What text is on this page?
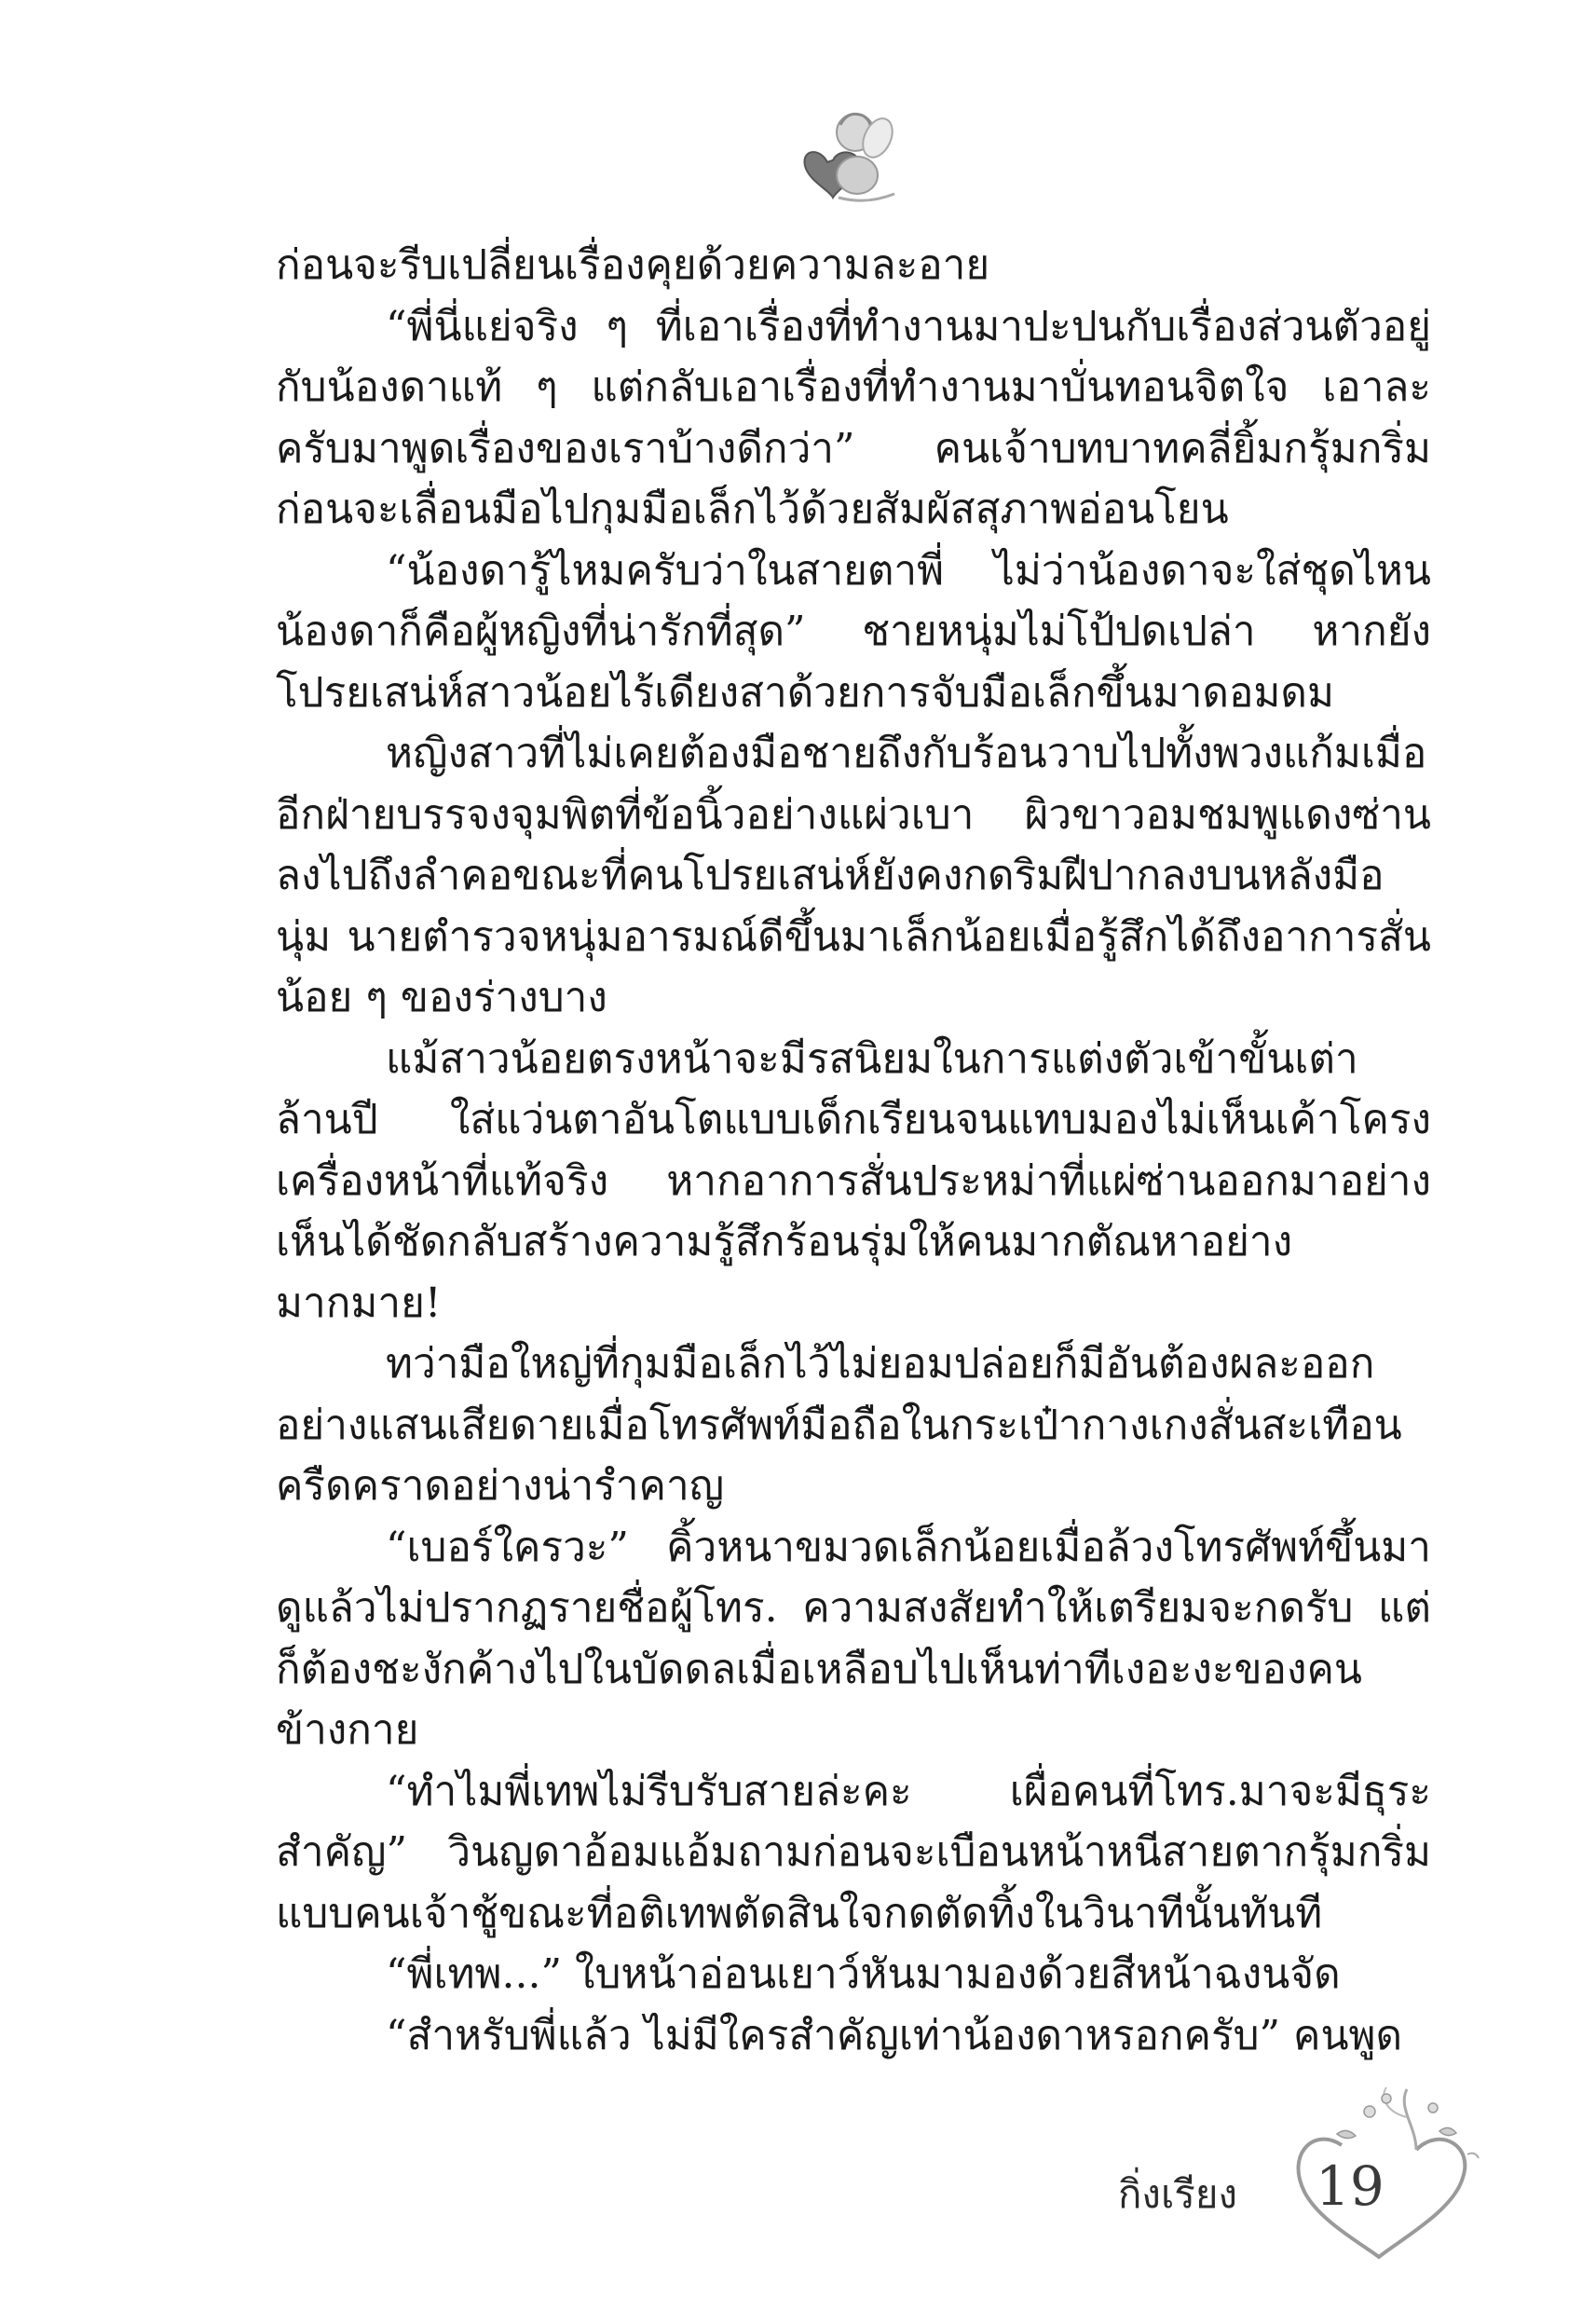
ก่อนจะรีบเปลี่ยนเรื่องคุยด้วยความละอาย

“พี่นี่แย่จริง ๆ ที่เอาเรื่องที่ทำงานมาปะปนกับเรื่องส่วนตัวอยู่กับน้องดาแท้ ๆ แต่กลับเอาเรื่องที่ทำงานมาบั่นทอนจิตใจ เอาละครับมาพูดเรื่องของเราบ้างดีกว่า” คนเจ้าบทบาทคลี่ยิ้มกรุ้มกริ่ม ก่อนจะเลื่อนมือไปกุมมือเล็กไว้ด้วยสัมผัสสุภาพอ่อนโยน

“น้องดารู้ไหมครับว่าในสายตาพี่ ไม่ว่าน้องดาจะใส่ชุดไหนน้องดาก็คือผู้หญิงที่น่ารักที่สุด” ชายหนุ่มไม่โป้ปดเปล่า หากยังโปรยเสน่ห์สาวน้อยไร้เดียงสาด้วยการจับมือเล็กขึ้นมาดอมดม

หญิงสาวที่ไม่เคยต้องมือชายถึงกับร้อนวาบไปทั้งพวงแก้มเมื่ออีกฝ่ายบรรจงจุมพิตที่ข้อนิ้วอย่างแผ่วเบา ผิวขาวอมชมพูแดงซ่านลงไปถึงลำคอขณะที่คนโปรยเสน่ห์ยังคงกดริมฝีปากลงบนหลังมือนุ่ม นายตำรวจหนุ่มอารมณ์ดีขึ้นมาเล็กน้อยเมื่อรู้สึกได้ถึงอาการสั่นน้อย ๆ ของร่างบาง

แม้สาวน้อยตรงหน้าจะมีรสนิยมในการแต่งตัวเข้าขั้นเต่าล้านปี ใส่แว่นตาอันโตแบบเด็กเรียนจนแทบมองไม่เห็นเค้าโครงเครื่องหน้าที่แท้จริง หากอาการสั่นประหม่าที่แผ่ซ่านออกมาอย่างเห็นได้ชัดกลับสร้างความรู้สึกร้อนรุ่มให้คนมากตัณหาอย่างมากมาย!

ทว่ามือใหญ่ที่กุมมือเล็กไว้ไม่ยอมปล่อยก็มีอันต้องผละออกอย่างแสนเสียดายเมื่อโทรศัพท์มือถือในกระเป๋ากางเกงสั่นสะเทือนครืดคราดอย่างน่ารำคาญ

“เบอร์ใครวะ” คิ้วหนาขมวดเล็กน้อยเมื่อล้วงโทรศัพท์ขึ้นมาดูแล้วไม่ปรากฏรายชื่อผู้โทร. ความสงสัยทำให้เตรียมจะกดรับ แต่ก็ต้องชะงักค้างไปในบัดดลเมื่อเหลือบไปเห็นท่าทีเงอะงะของคนข้างกาย

“ทำไมพี่เทพไม่รีบรับสายล่ะคะ เผื่อคนที่โทร.มาจะมีธุระสำคัญ” วินญดาอ้อมแอ้มถามก่อนจะเบือนหน้าหนีสายตากรุ้มกริ่มแบบคนเจ้าชู้ขณะที่อติเทพตัดสินใจกดตัดทิ้งในวินาทีนั้นทันที

“พี่เทพ...” ใบหน้าอ่อนเยาว์หันมามองด้วยสีหน้าฉงนจัด

“สำหรับพี่แล้ว ไม่มีใครสำคัญเท่าน้องดาหรอกครับ” คนพูด

กิ่งเรียง 19
